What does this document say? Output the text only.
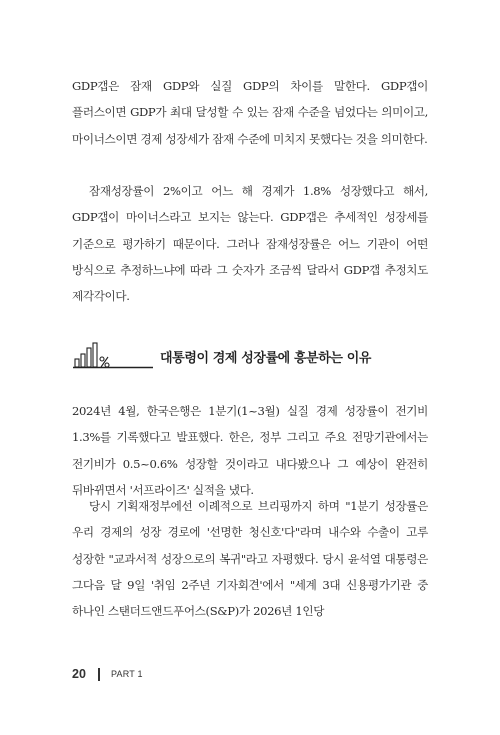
GDP갭은 잠재 GDP와 실질 GDP의 차이를 말한다. GDP갭이 플러스이면 GDP가 최대 달성할 수 있는 잠재 수준을 넘었다는 의미이고, 마이너스이면 경제 성장세가 잠재 수준에 미치지 못했다는 것을 의미한다.

잠재성장률이 2%이고 어느 해 경제가 1.8% 성장했다고 해서, GDP갭이 마이너스라고 보지는 않는다. GDP갭은 추세적인 성장세를 기준으로 평가하기 때문이다. 그러나 잠재성장률은 어느 기관이 어떤 방식으로 추정하느냐에 따라 그 숫자가 조금씩 달라서 GDP갭 추정치도 제각각이다.

대통령이 경제 성장률에 흥분하는 이유

2024년 4월, 한국은행은 1분기(1~3월) 실질 경제 성장률이 전기비 1.3%를 기록했다고 발표했다. 한은, 정부 그리고 주요 전망기관에서는 전기비가 0.5~0.6% 성장할 것이라고 내다봤으나 그 예상이 완전히 뒤바뀌면서 '서프라이즈' 실적을 냈다.

당시 기획재정부에선 이례적으로 브리핑까지 하며 "1분기 성장률은 우리 경제의 성장 경로에 '선명한 청신호'다"라며 내수와 수출이 고루 성장한 "교과서적 성장으로의 복귀"라고 자평했다. 당시 윤석열 대통령은 그다음 달 9일 '취임 2주년 기자회견'에서 "세계 3대 신용평가기관 중 하나인 스탠더드앤드푸어스(S&P)가 2026년 1인당

20	PART 1
